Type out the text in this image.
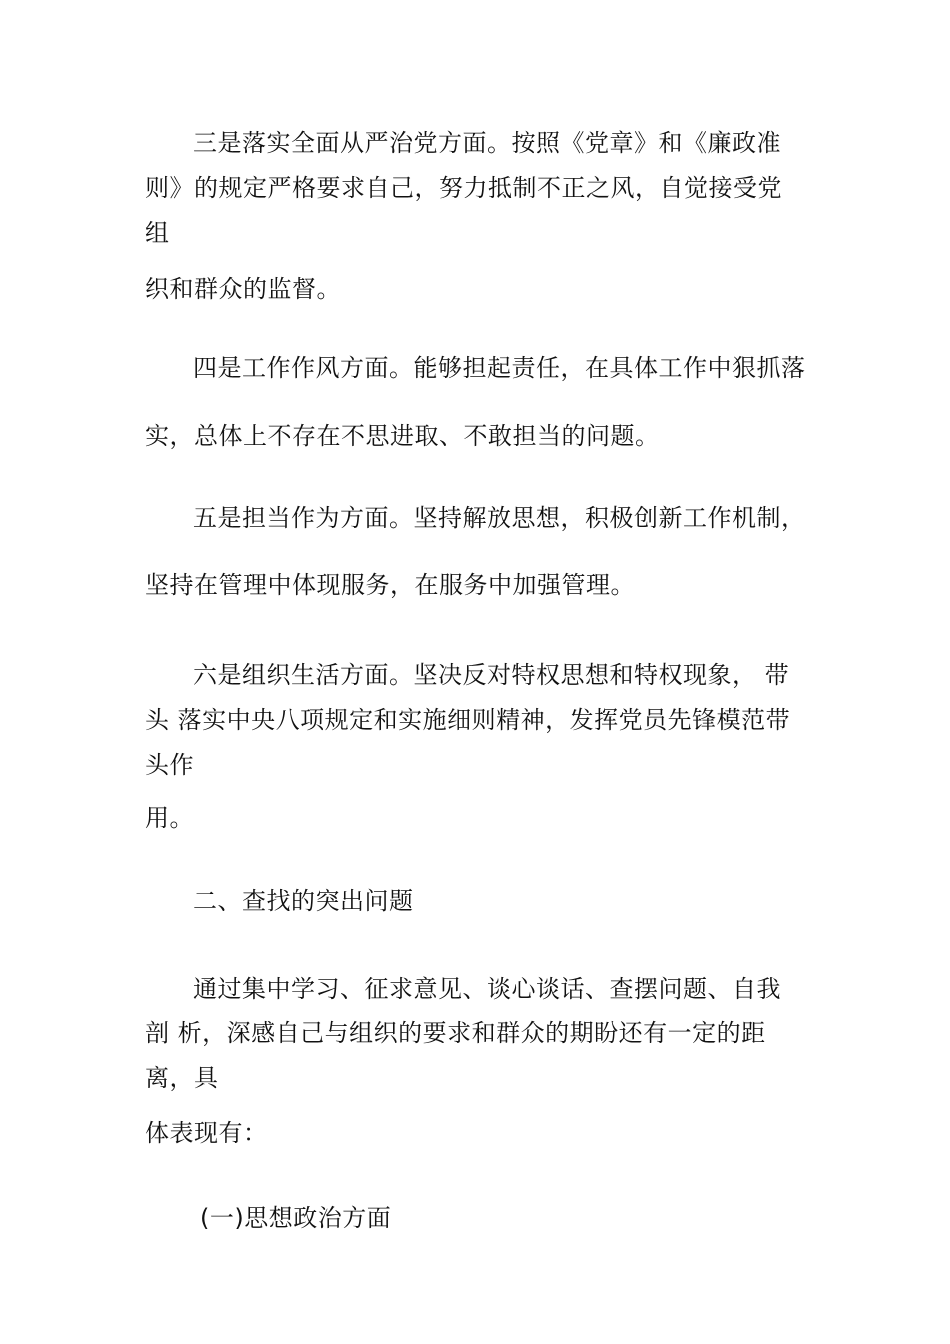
三是落实全面从严治党方面。按照《党章》和《廉政准
则》的规定严格要求自己，努力抵制不正之风，自觉接受党
组
织和群众的监督。
四是工作作风方面。能够担起责任，在具体工作中狠抓落
实，总体上不存在不思进取、不敢担当的问题。
五是担当作为方面。坚持解放思想，积极创新工作机制，
坚持在管理中体现服务，在服务中加强管理。
六是组织生活方面。坚决反对特权思想和特权现象， 带
头 落实中央八项规定和实施细则精神，发挥党员先锋模范带
头作
用。
二、查找的突出问题
通过集中学习、征求意见、谈心谈话、查摆问题、自我
剖 析，深感自己与组织的要求和群众的期盼还有一定的距
离，具
体表现有：
(一)思想政治方面
